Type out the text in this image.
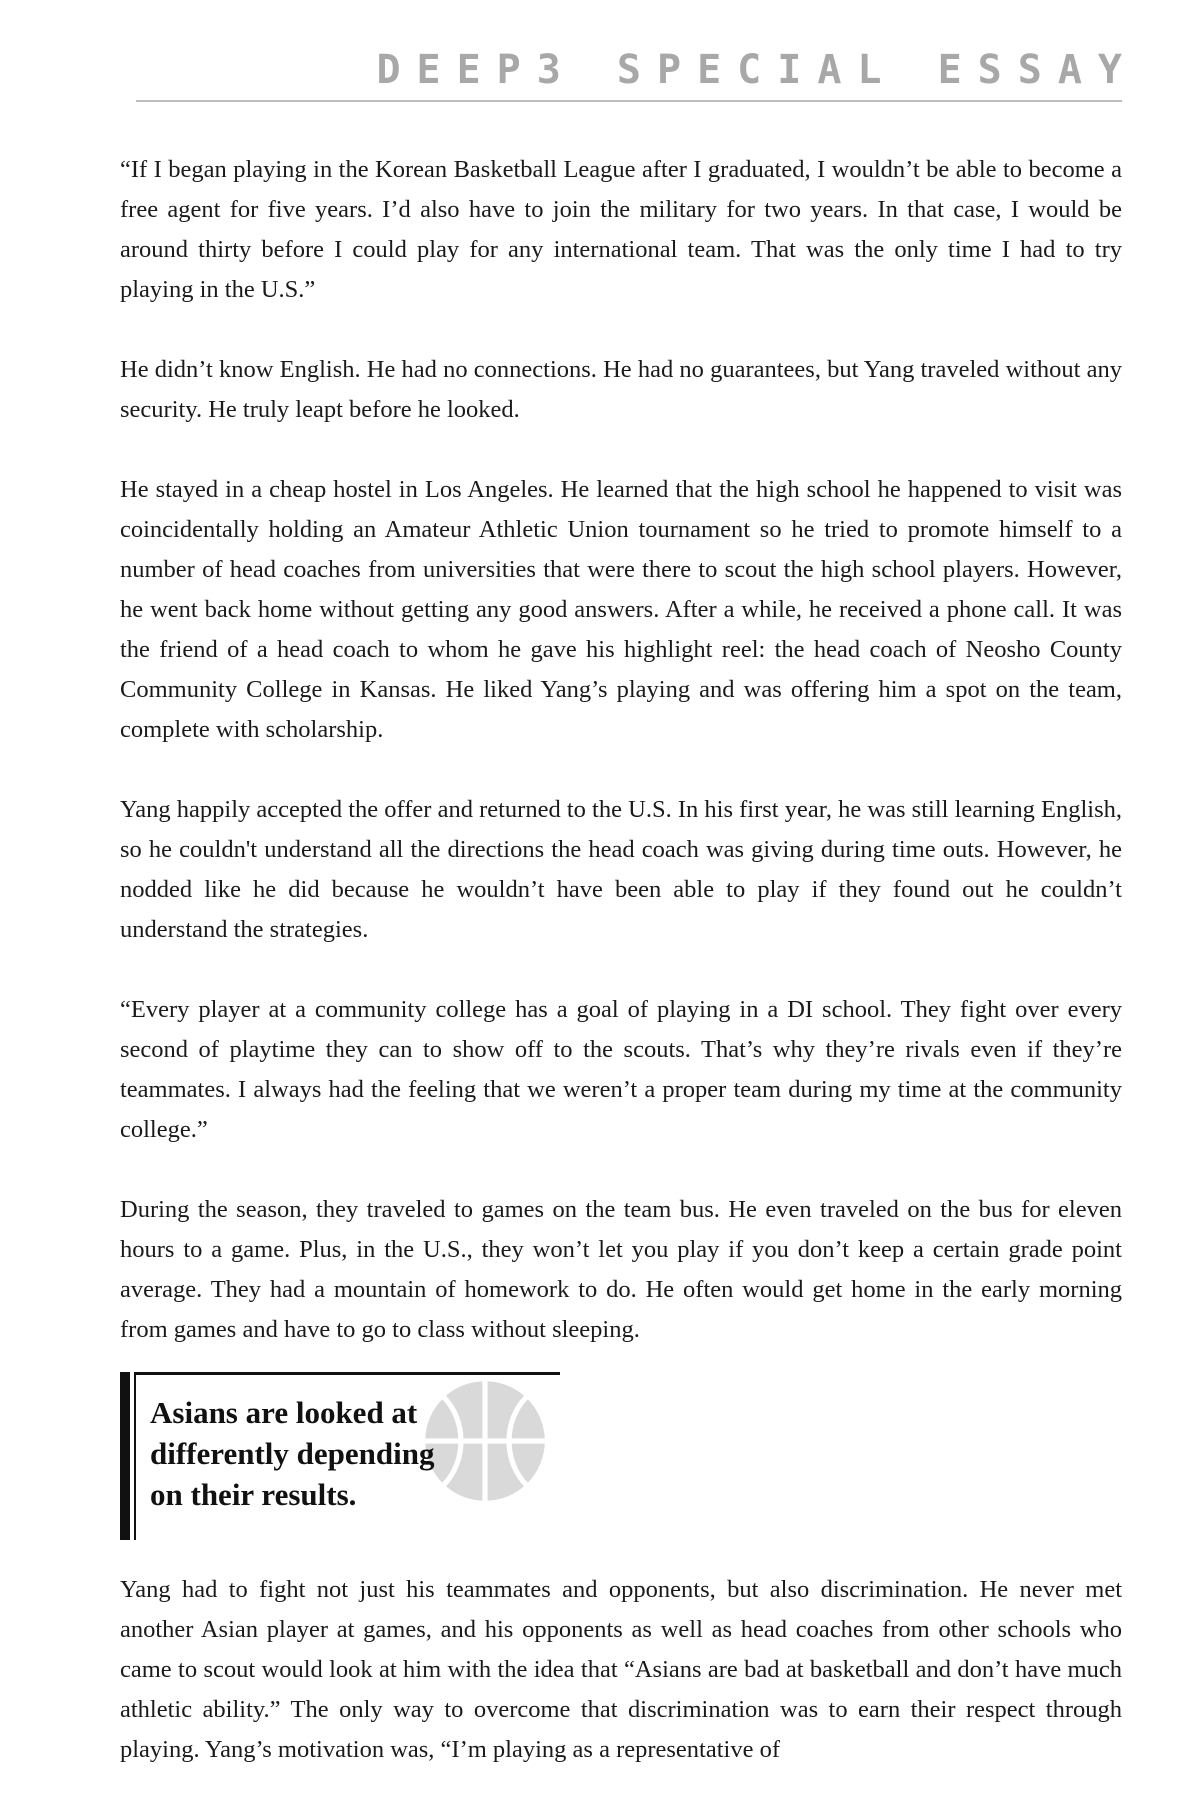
DEEP3 SPECIAL ESSAY

“If I began playing in the Korean Basketball League after I graduated, I wouldn’t be able to become a free agent for five years. I’d also have to join the military for two years. In that case, I would be around thirty before I could play for any international team. That was the only time I had to try playing in the U.S.”

He didn’t know English. He had no connections. He had no guarantees, but Yang traveled without any security. He truly leapt before he looked.

He stayed in a cheap hostel in Los Angeles. He learned that the high school he happened to visit was coincidentally holding an Amateur Athletic Union tournament so he tried to promote himself to a number of head coaches from universities that were there to scout the high school players. However, he went back home without getting any good answers. After a while, he received a phone call. It was the friend of a head coach to whom he gave his highlight reel: the head coach of Neosho County Community College in Kansas. He liked Yang’s playing and was offering him a spot on the team, complete with scholarship.

Yang happily accepted the offer and returned to the U.S. In his first year, he was still learning English, so he couldn't understand all the directions the head coach was giving during time outs. However, he nodded like he did because he wouldn’t have been able to play if they found out he couldn’t understand the strategies.

“Every player at a community college has a goal of playing in a DI school. They fight over every second of playtime they can to show off to the scouts. That’s why they’re rivals even if they’re teammates. I always had the feeling that we weren’t a proper team during my time at the community college.”

During the season, they traveled to games on the team bus. He even traveled on the bus for eleven hours to a game. Plus, in the U.S., they won’t let you play if you don’t keep a certain grade point average. They had a mountain of homework to do. He often would get home in the early morning from games and have to go to class without sleeping.

Asians are looked at
differently depending
on their results.

Yang had to fight not just his teammates and opponents, but also discrimination. He never met another Asian player at games, and his opponents as well as head coaches from other schools who came to scout would look at him with the idea that “Asians are bad at basketball and don’t have much athletic ability.” The only way to overcome that discrimination was to earn their respect through playing. Yang’s motivation was, “I’m playing as a representative of
